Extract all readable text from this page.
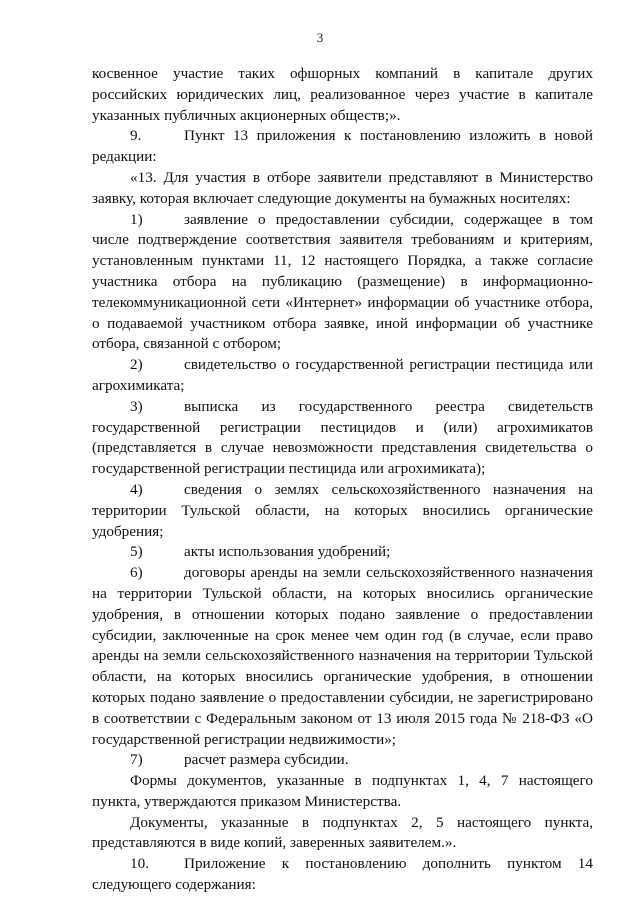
3

косвенное участие таких офшорных компаний в капитале других российских юридических лиц, реализованное через участие в капитале указанных публичных акционерных обществ;».

9.	Пункт 13 приложения к постановлению изложить в новой редакции:

«13. Для участия в отборе заявители представляют в Министерство заявку, которая включает следующие документы на бумажных носителях:

1)	заявление о предоставлении субсидии, содержащее в том числе подтверждение соответствия заявителя требованиям и критериям, установленным пунктами 11, 12 настоящего Порядка, а также согласие участника отбора на публикацию (размещение) в информационно-телекоммуникационной сети «Интернет» информации об участнике отбора, о подаваемой участником отбора заявке, иной информации об участнике отбора, связанной с отбором;

2)	свидетельство о государственной регистрации пестицида или агрохимиката;

3)	выписка из государственного реестра свидетельств государственной регистрации пестицидов и (или) агрохимикатов (представляется в случае невозможности представления свидетельства о государственной регистрации пестицида или агрохимиката);

4)	сведения о землях сельскохозяйственного назначения на территории Тульской области, на которых вносились органические удобрения;

5)	акты использования удобрений;

6)	договоры аренды на земли сельскохозяйственного назначения на территории Тульской области, на которых вносились органические удобрения, в отношении которых подано заявление о предоставлении субсидии, заключенные на срок менее чем один год (в случае, если право аренды на земли сельскохозяйственного назначения на территории Тульской области, на которых вносились органические удобрения, в отношении которых подано заявление о предоставлении субсидии, не зарегистрировано в соответствии с Федеральным законом от 13 июля 2015 года № 218-ФЗ «О государственной регистрации недвижимости»;

7)	расчет размера субсидии.

Формы документов, указанные в подпунктах 1, 4, 7 настоящего пункта, утверждаются приказом Министерства.

Документы, указанные в подпунктах 2, 5 настоящего пункта, представляются в виде копий, заверенных заявителем.».

10. Приложение к постановлению дополнить пунктом 14 следующего содержания:
